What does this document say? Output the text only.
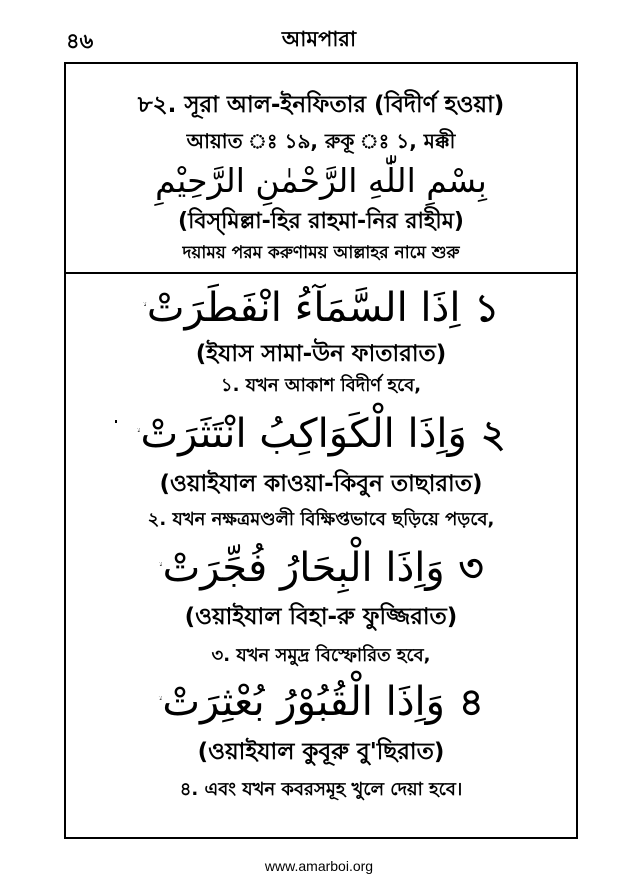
৪৬	আমপারা
৮২. সূরা আল-ইনফিতার (বিদীর্ণ হওয়া)
আয়াত ঃ ১৯, রুকূ ঃ ১, মক্কী
بِسْمِ اللّٰهِ الرَّحْمٰنِ الرَّحِيْمِ
(বিস্‌মিল্লা-হির রাহমা-নির রাহীম)
দয়াময় পরম করুণাময় আল্লাহর নামে শুরু
اِذَا السَّمَآءُ انْفَطَرَتْ ১
(ইযাস সামা-উন ফাতারা‌ত)
১. যখন আকাশ বিদীর্ণ হবে,
وَاِذَا الْكَوَاكِبُ انْتَثَرَتْ ২
(ওয়াইযাল কাওয়া-কিবুন তাছারাত)
২. যখন নক্ষত্রমণ্ডলী বিক্ষিপ্তভাবে ছড়িয়ে পড়বে,
وَاِذَا الْبِحَارُ فُجِّرَتْ ৩
(ওয়াইযাল বিহা-রু ফুজ্জিরাত)
৩. যখন সমুদ্র বিস্ফোরিত হবে,
وَاِذَا الْقُبُوْرُ بُعْثِرَتْ ৪
(ওয়াইযাল কুবূরু বু'ছিরাত)
৪. এবং যখন কবরসমূহ খুলে দেয়া হবে।
www.amarboi.org
